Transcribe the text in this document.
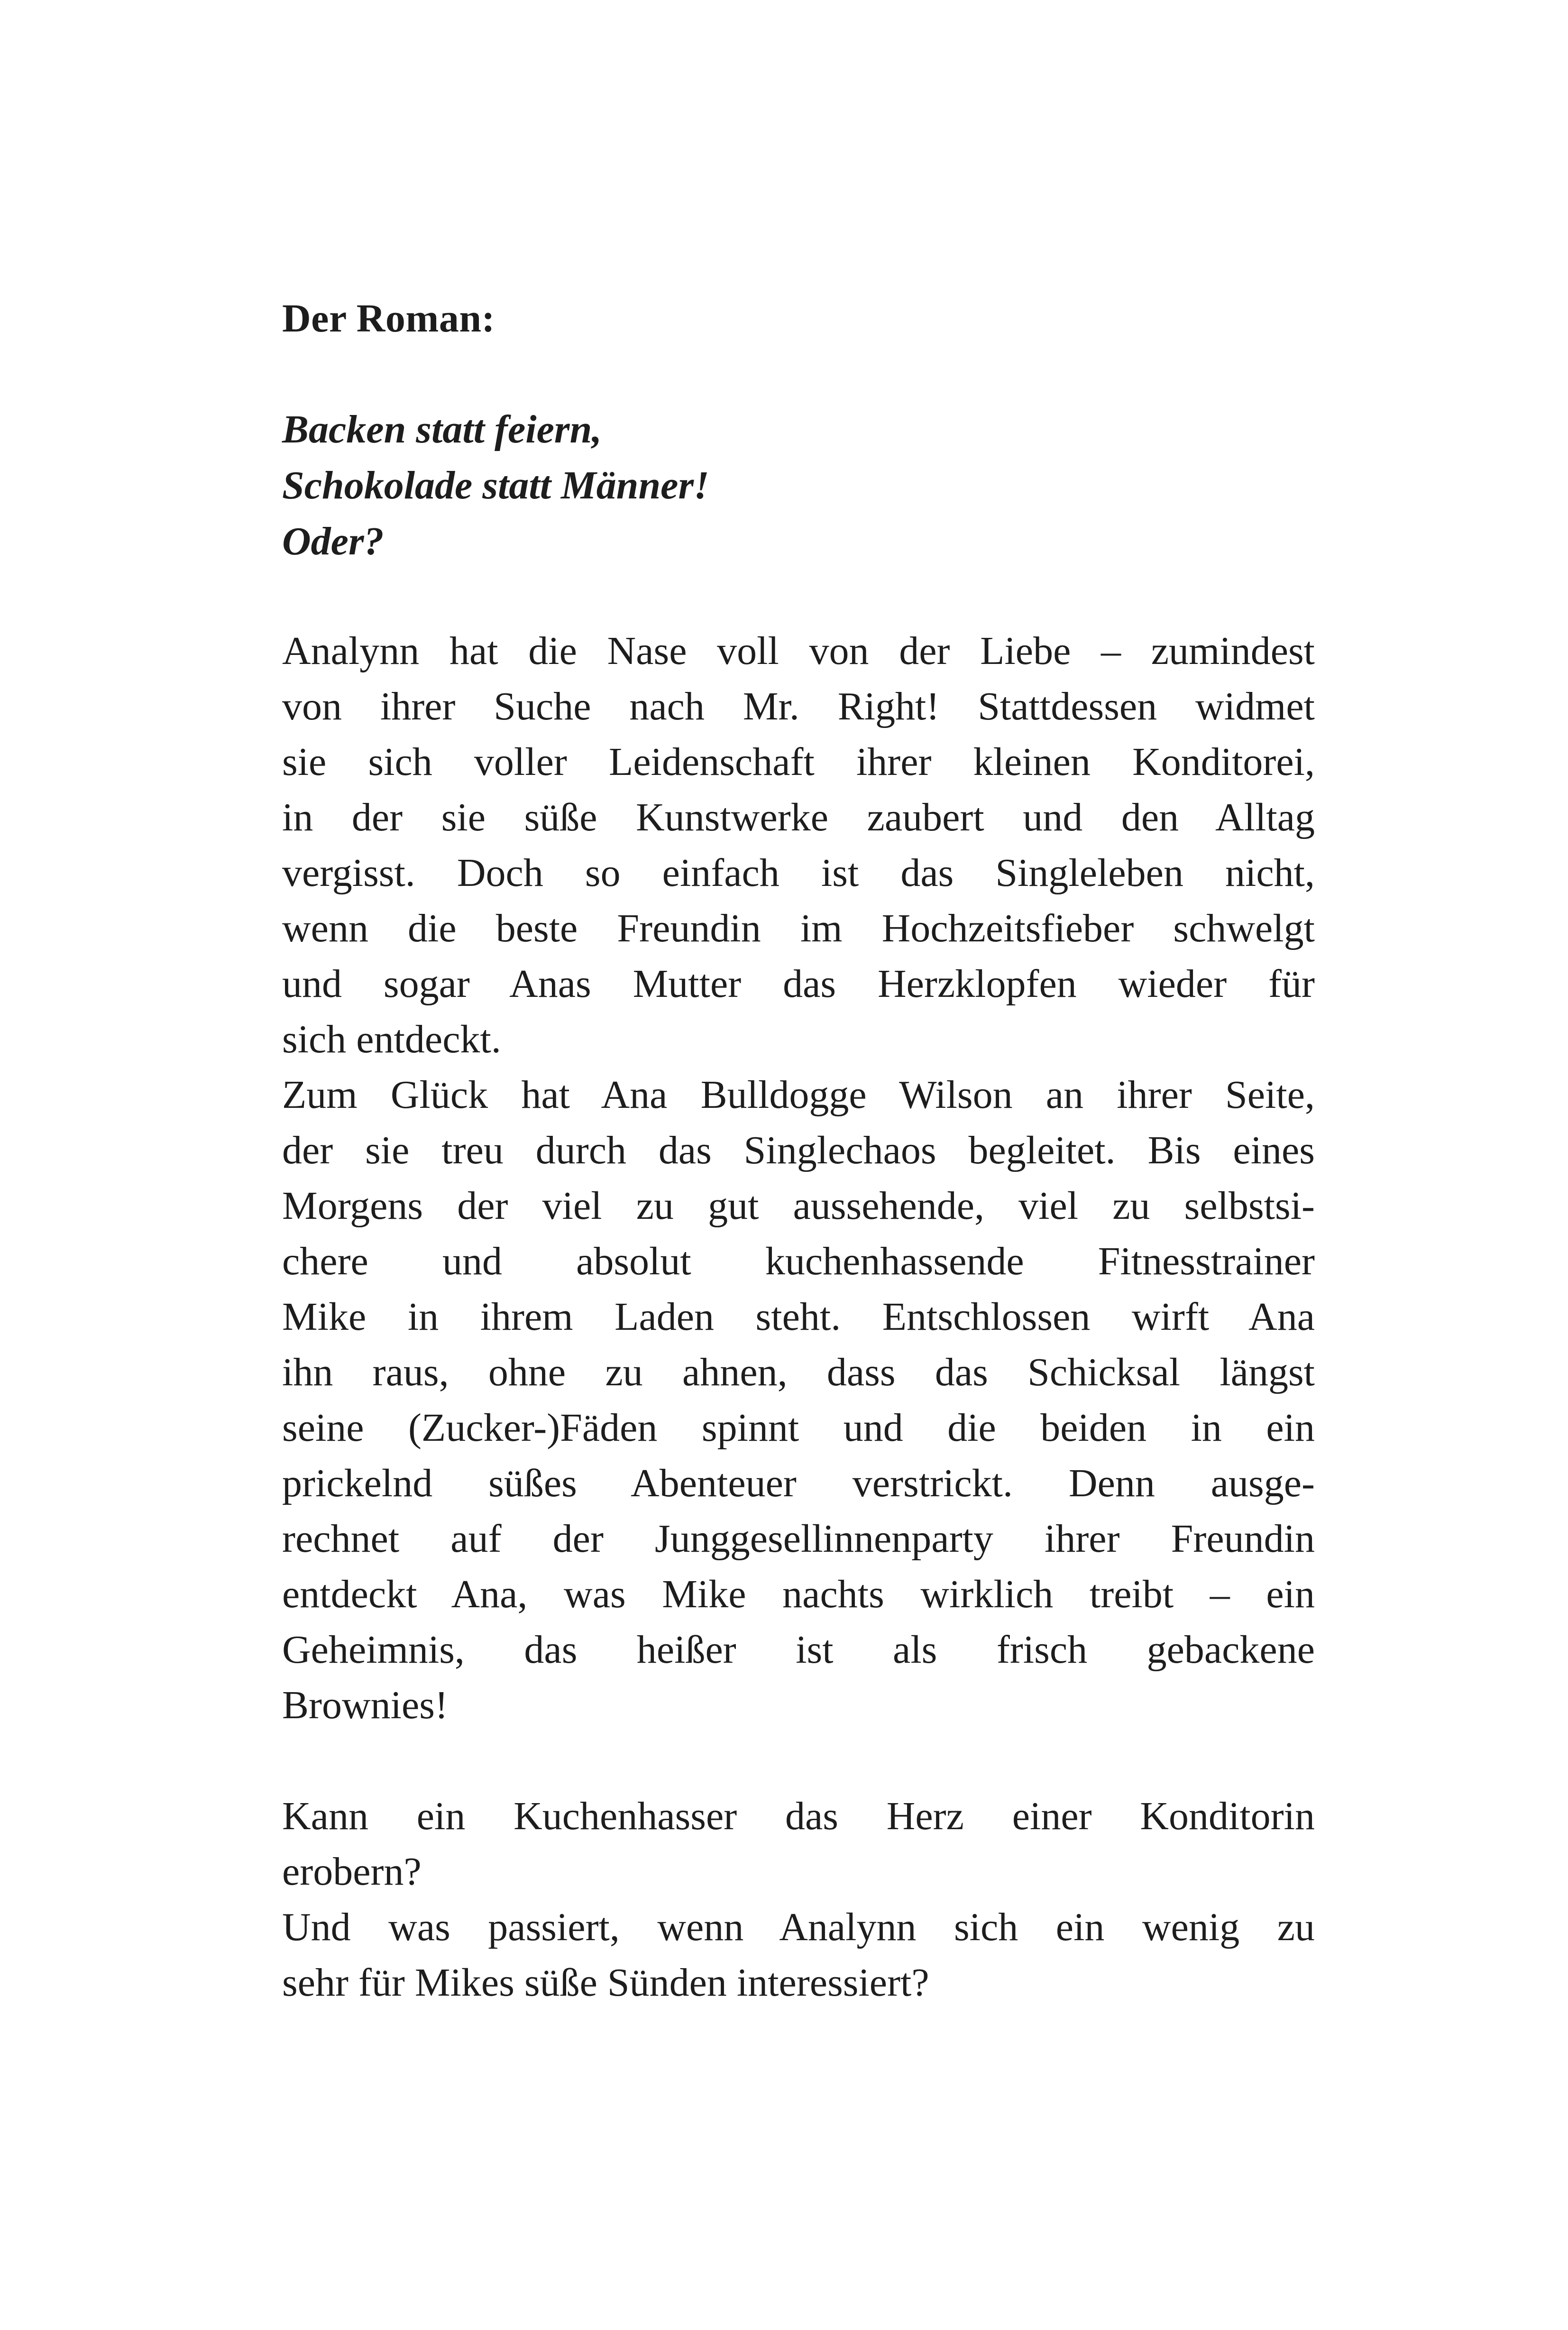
Der Roman:
Backen statt feiern,
Schokolade statt Männer!
Oder?
Analynn hat die Nase voll von der Liebe – zumindest
von ihrer Suche nach Mr. Right! Stattdessen widmet
sie sich voller Leidenschaft ihrer kleinen Konditorei,
in der sie süße Kunstwerke zaubert und den Alltag
vergisst. Doch so einfach ist das Singleleben nicht,
wenn die beste Freundin im Hochzeitsfieber schwelgt
und sogar Anas Mutter das Herzklopfen wieder für
sich entdeckt.
Zum Glück hat Ana Bulldogge Wilson an ihrer Seite,
der sie treu durch das Singlechaos begleitet. Bis eines
Morgens der viel zu gut aussehende, viel zu selbstsi-
chere und absolut kuchenhassende Fitnesstrainer
Mike in ihrem Laden steht. Entschlossen wirft Ana
ihn raus, ohne zu ahnen, dass das Schicksal längst
seine (Zucker-)Fäden spinnt und die beiden in ein
prickelnd süßes Abenteuer verstrickt. Denn ausge-
rechnet auf der Junggesellinnenparty ihrer Freundin
entdeckt Ana, was Mike nachts wirklich treibt – ein
Geheimnis, das heißer ist als frisch gebackene
Brownies!
Kann ein Kuchenhasser das Herz einer Konditorin
erobern?
Und was passiert, wenn Analynn sich ein wenig zu
sehr für Mikes süße Sünden interessiert?
